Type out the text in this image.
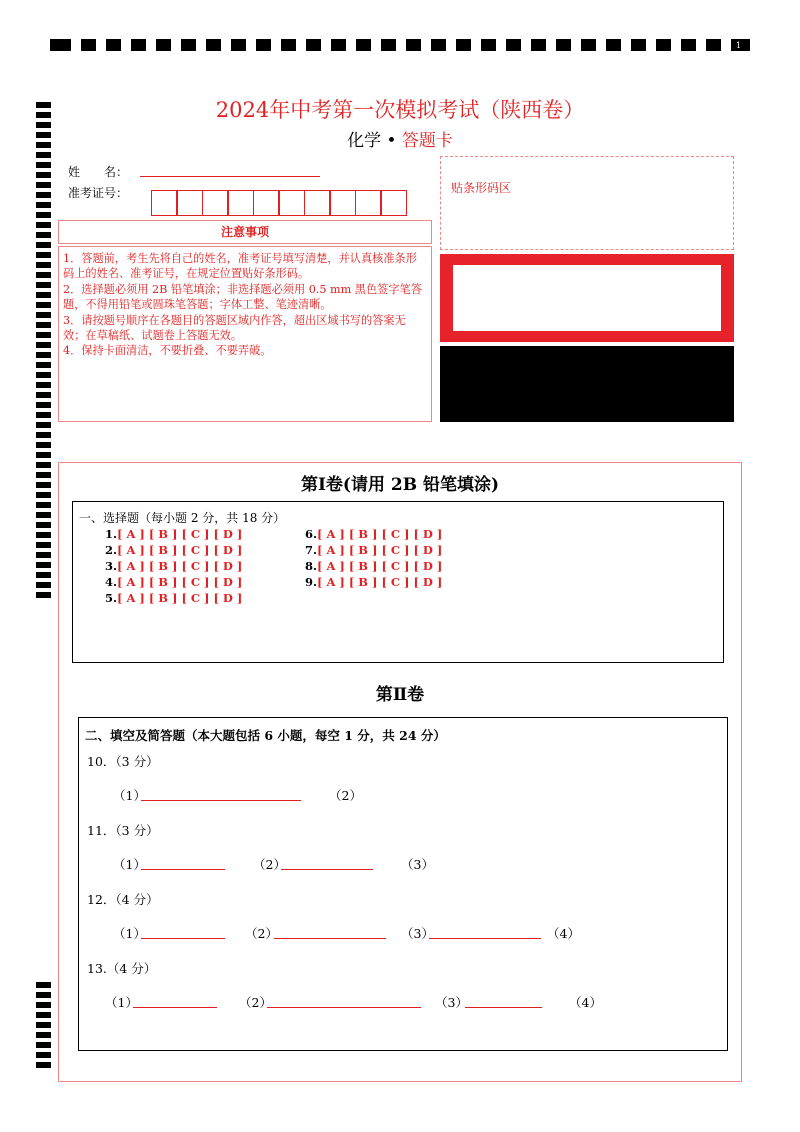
1
2024年中考第一次模拟考试（陕西卷）
化学 • 答题卡
姓　　名：
准考证号：
注意事项

1．答题前，考生先将自己的姓名，准考证号填写清楚，并认真核准条形码上的姓名、准考证号，在规定位置贴好条形码。

2．选择题必须用 2B 铅笔填涂；非选择题必须用 0.5 mm 黑色签字笔答题，不得用铅笔或圆珠笔答题；字体工整、笔迹清晰。

3．请按题号顺序在各题目的答题区域内作答，超出区域书写的答案无效；在草稿纸、试题卷上答题无效。

4．保持卡面清洁，不要折叠、不要弄破。

贴条形码区
第Ⅰ卷(请用 2B 铅笔填涂)
一、选择题（每小题 2 分，共 18 分）
1.[ A ] [ B ] [ C ] [ D ]
2.[ A ] [ B ] [ C ] [ D ]
3.[ A ] [ B ] [ C ] [ D ]
4.[ A ] [ B ] [ C ] [ D ]
5.[ A ] [ B ] [ C ] [ D ]
6.[ A ] [ B ] [ C ] [ D ]
7.[ A ] [ B ] [ C ] [ D ]
8.[ A ] [ B ] [ C ] [ D ]
9.[ A ] [ B ] [ C ] [ D ]
第Ⅱ卷
二、填空及简答题（本大题包括 6 小题，每空 1 分，共 24 分）
10．（3 分）
（1）	（2）
11．（3 分）
（1）	（2）	（3）
12．（4 分）
（1）	（2）	（3）	（4）
13.（4 分）
（1）	（2）	（3）	（4）
